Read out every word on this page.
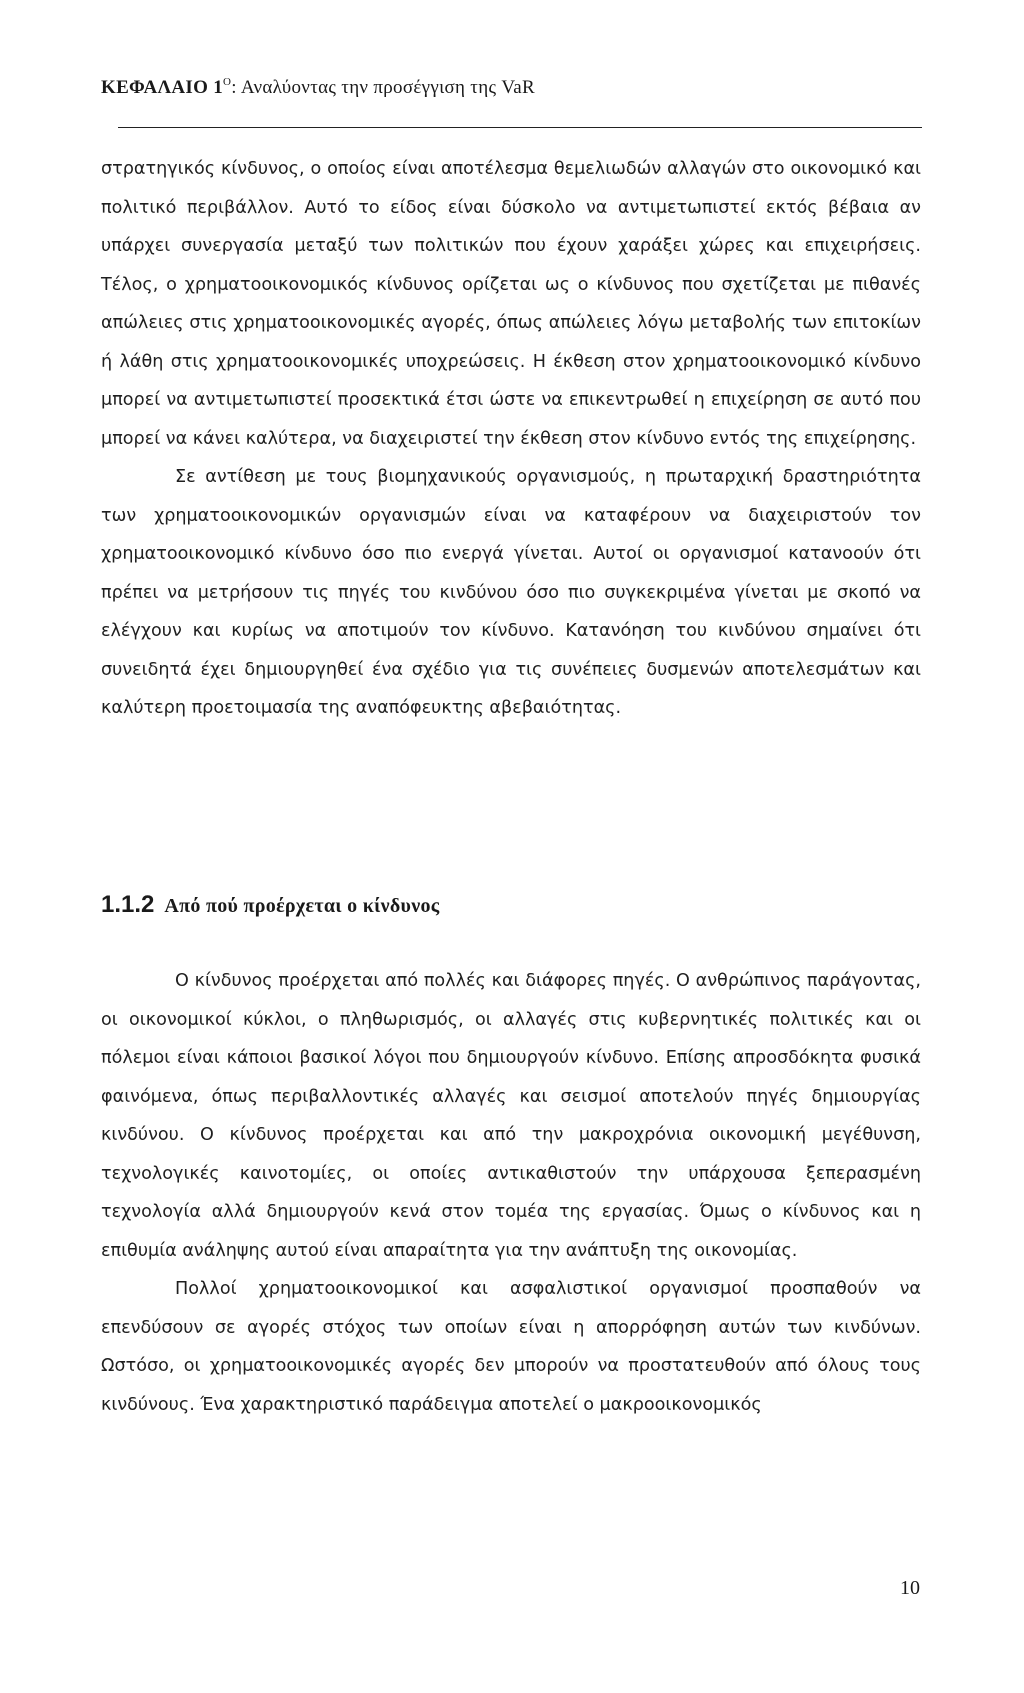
ΚΕΦΑΛΑΙΟ $1^O$: Αναλύοντας την προσέγγιση της VaR

στρατηγικός κίνδυνος, ο οποίος είναι αποτέλεσμα θεμελιωδών αλλαγών στο οικονομικό και πολιτικό περιβάλλον. Αυτό το είδος είναι δύσκολο να αντιμετωπιστεί εκτός βέβαια αν υπάρχει συνεργασία μεταξύ των πολιτικών που έχουν χαράξει χώρες και επιχειρήσεις. Τέλος, ο χρηματοοικονομικός κίνδυνος ορίζεται ως ο κίνδυνος που σχετίζεται με πιθανές απώλειες στις χρηματοοικονομικές αγορές, όπως απώλειες λόγω μεταβολής των επιτοκίων ή λάθη στις χρηματοοικονομικές υποχρεώσεις. Η έκθεση στον χρηματοοικονομικό κίνδυνο μπορεί να αντιμετωπιστεί προσεκτικά έτσι ώστε να επικεντρωθεί η επιχείρηση σε αυτό που μπορεί να κάνει καλύτερα, να διαχειριστεί την έκθεση στον κίνδυνο εντός της επιχείρησης.

Σε αντίθεση με τους βιομηχανικούς οργανισμούς, η πρωταρχική δραστηριότητα των χρηματοοικονομικών οργανισμών είναι να καταφέρουν να διαχειριστούν τον χρηματοοικονομικό κίνδυνο όσο πιο ενεργά γίνεται. Αυτοί οι οργανισμοί κατανοούν ότι πρέπει να μετρήσουν τις πηγές του κινδύνου όσο πιο συγκεκριμένα γίνεται με σκοπό να ελέγχουν και κυρίως να αποτιμούν τον κίνδυνο. Κατανόηση του κινδύνου σημαίνει ότι συνειδητά έχει δημιουργηθεί ένα σχέδιο για τις συνέπειες δυσμενών αποτελεσμάτων και καλύτερη προετοιμασία της αναπόφευκτης αβεβαιότητας.

1.1.2 Από πού προέρχεται ο κίνδυνος

Ο κίνδυνος προέρχεται από πολλές και διάφορες πηγές. Ο ανθρώπινος παράγοντας, οι οικονομικοί κύκλοι, ο πληθωρισμός, οι αλλαγές στις κυβερνητικές πολιτικές και οι πόλεμοι είναι κάποιοι βασικοί λόγοι που δημιουργούν κίνδυνο. Επίσης απροσδόκητα φυσικά φαινόμενα, όπως περιβαλλοντικές αλλαγές και σεισμοί αποτελούν πηγές δημιουργίας κινδύνου. Ο κίνδυνος προέρχεται και από την μακροχρόνια οικονομική μεγέθυνση, τεχνολογικές καινοτομίες, οι οποίες αντικαθιστούν την υπάρχουσα ξεπερασμένη τεχνολογία αλλά δημιουργούν κενά στον τομέα της εργασίας. Όμως ο κίνδυνος και η επιθυμία ανάληψης αυτού είναι απαραίτητα για την ανάπτυξη της οικονομίας.

Πολλοί χρηματοοικονομικοί και ασφαλιστικοί οργανισμοί προσπαθούν να επενδύσουν σε αγορές στόχος των οποίων είναι η απορρόφηση αυτών των κινδύνων. Ωστόσο, οι χρηματοοικονομικές αγορές δεν μπορούν να προστατευθούν από όλους τους κινδύνους. Ένα χαρακτηριστικό παράδειγμα αποτελεί ο μακροοικονομικός

10
